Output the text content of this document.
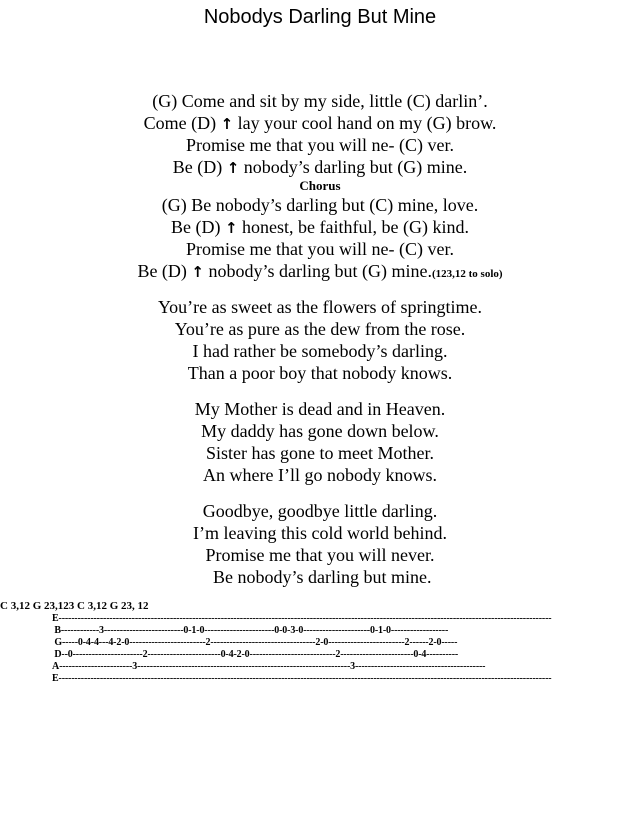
Nobodys Darling But Mine
(G) Come and sit by my side, little (C) darlin’.
Come (D) ↑ lay your cool hand on my (G) brow.
Promise me that you will ne- (C) ver.
Be (D) ↑ nobody’s darling but (G) mine.
Chorus
(G) Be nobody’s darling but (C) mine, love.
Be (D) ↑ honest, be faithful, be (G) kind.
Promise me that you will ne- (C) ver.
Be (D) ↑ nobody’s darling but (G) mine.(123,12 to solo)
You’re as sweet as the flowers of springtime.
You’re as pure as the dew from the rose.
I had rather be somebody’s darling.
Than a poor boy that nobody knows.
My Mother is dead and in Heaven.
My daddy has gone down below.
Sister has gone to meet Mother.
An where I’ll go nobody knows.
Goodbye, goodbye little darling.
I’m leaving this cold world behind.
Promise me that you will never.
Be nobody’s darling but mine.
C 3,12 G 23,123 C 3,12 G 23, 12
E-----------------------------------------------------------------------------------------------------------------------------------------------------------
B------------3-------------------------0-1-0----------------------0-0-3-0---------------------0-1-0------------------
G-----0-4-4---4-2-0------------------------2---------------------------------2-0------------------------2------2-0-----
D--0----------------------2-----------------------0-4-2-0---------------------------2-----------------------0-4----------
A-----------------------3-------------------------------------------------------------------3-----------------------------------------
E-----------------------------------------------------------------------------------------------------------------------------------------------------------
